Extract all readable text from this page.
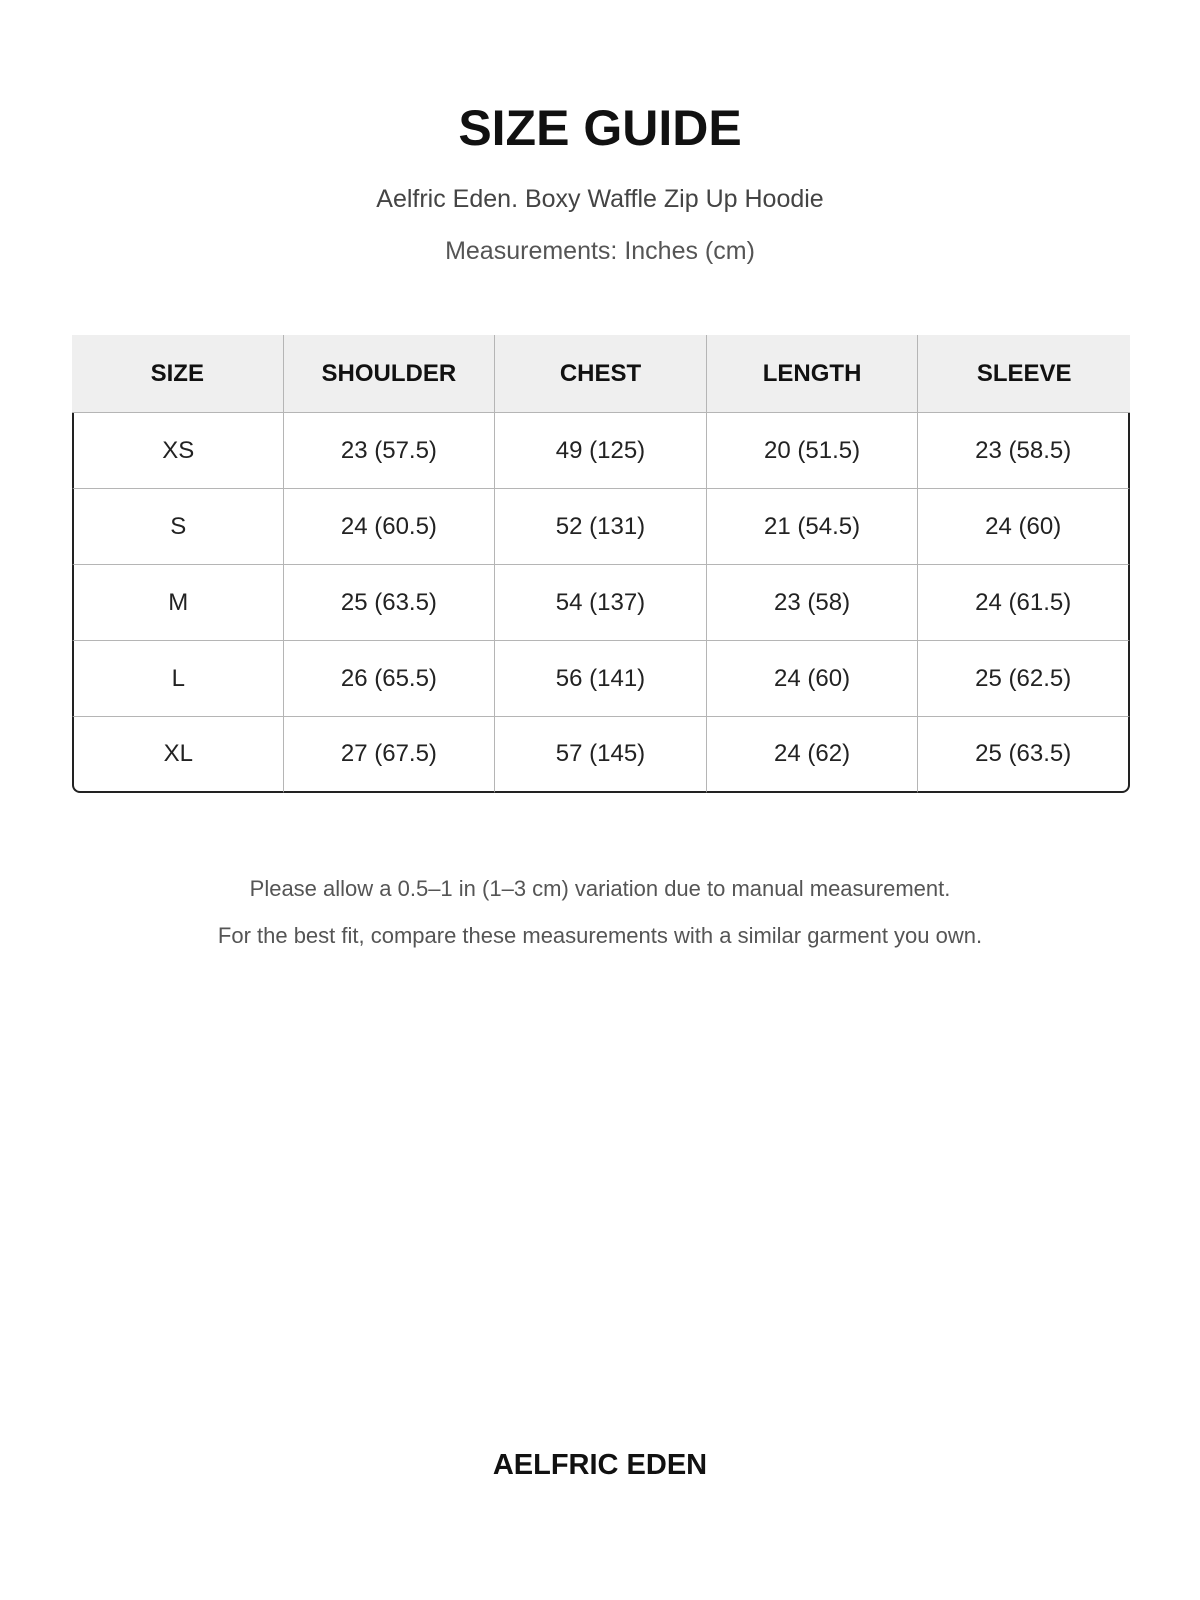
SIZE GUIDE
Aelfric Eden. Boxy Waffle Zip Up Hoodie
Measurements: Inches (cm)
SIZE	SHOULDER	CHEST	LENGTH	SLEEVE
XS	23 (57.5)	49 (125)	20 (51.5)	23 (58.5)
S	24 (60.5)	52 (131)	21 (54.5)	24 (60)
M	25 (63.5)	54 (137)	23 (58)	24 (61.5)
L	26 (65.5)	56 (141)	24 (60)	25 (62.5)
XL	27 (67.5)	57 (145)	24 (62)	25 (63.5)

Please allow a 0.5–1 in (1–3 cm) variation due to manual measurement.

For the best fit, compare these measurements with a similar garment you own.

AELFRIC EDEN
